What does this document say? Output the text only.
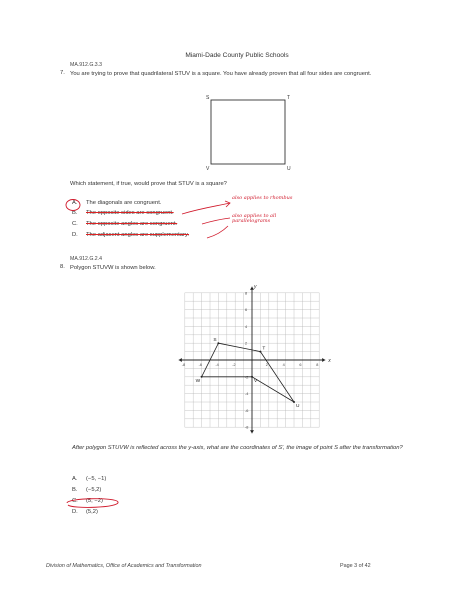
Miami-Dade County Public Schools
MA.912.G.3.3
7. You are trying to prove that quadrilateral STUV is a square. You have already proven that all four sides are congruent.
S	T
V	U
Which statement, if true, would prove that STUV is a square?
A. The diagonals are congruent.
B. The opposite sides are congruent.
C. The opposite angles are congruent.
D. The adjacent angles are supplementary.
also applies to rhombus
also applies to all parallelograms
MA.912.G.2.4
8. Polygon STUVW is shown below.
x
y
-8	-6	-4	-2	2	4	6	8
8
6
4
2
-2
-4
-6
-8
S
T
U
V
W
After polygon STUVW is reflected across the y-axis, what are the coordinates of S′, the image of point S after the transformation?
A. (−5, −1)
B. (−5,2)
C. (5, −2)
D. (5,2)
Division of Mathematics, Office of Academics and Transformation	Page 3 of 42
